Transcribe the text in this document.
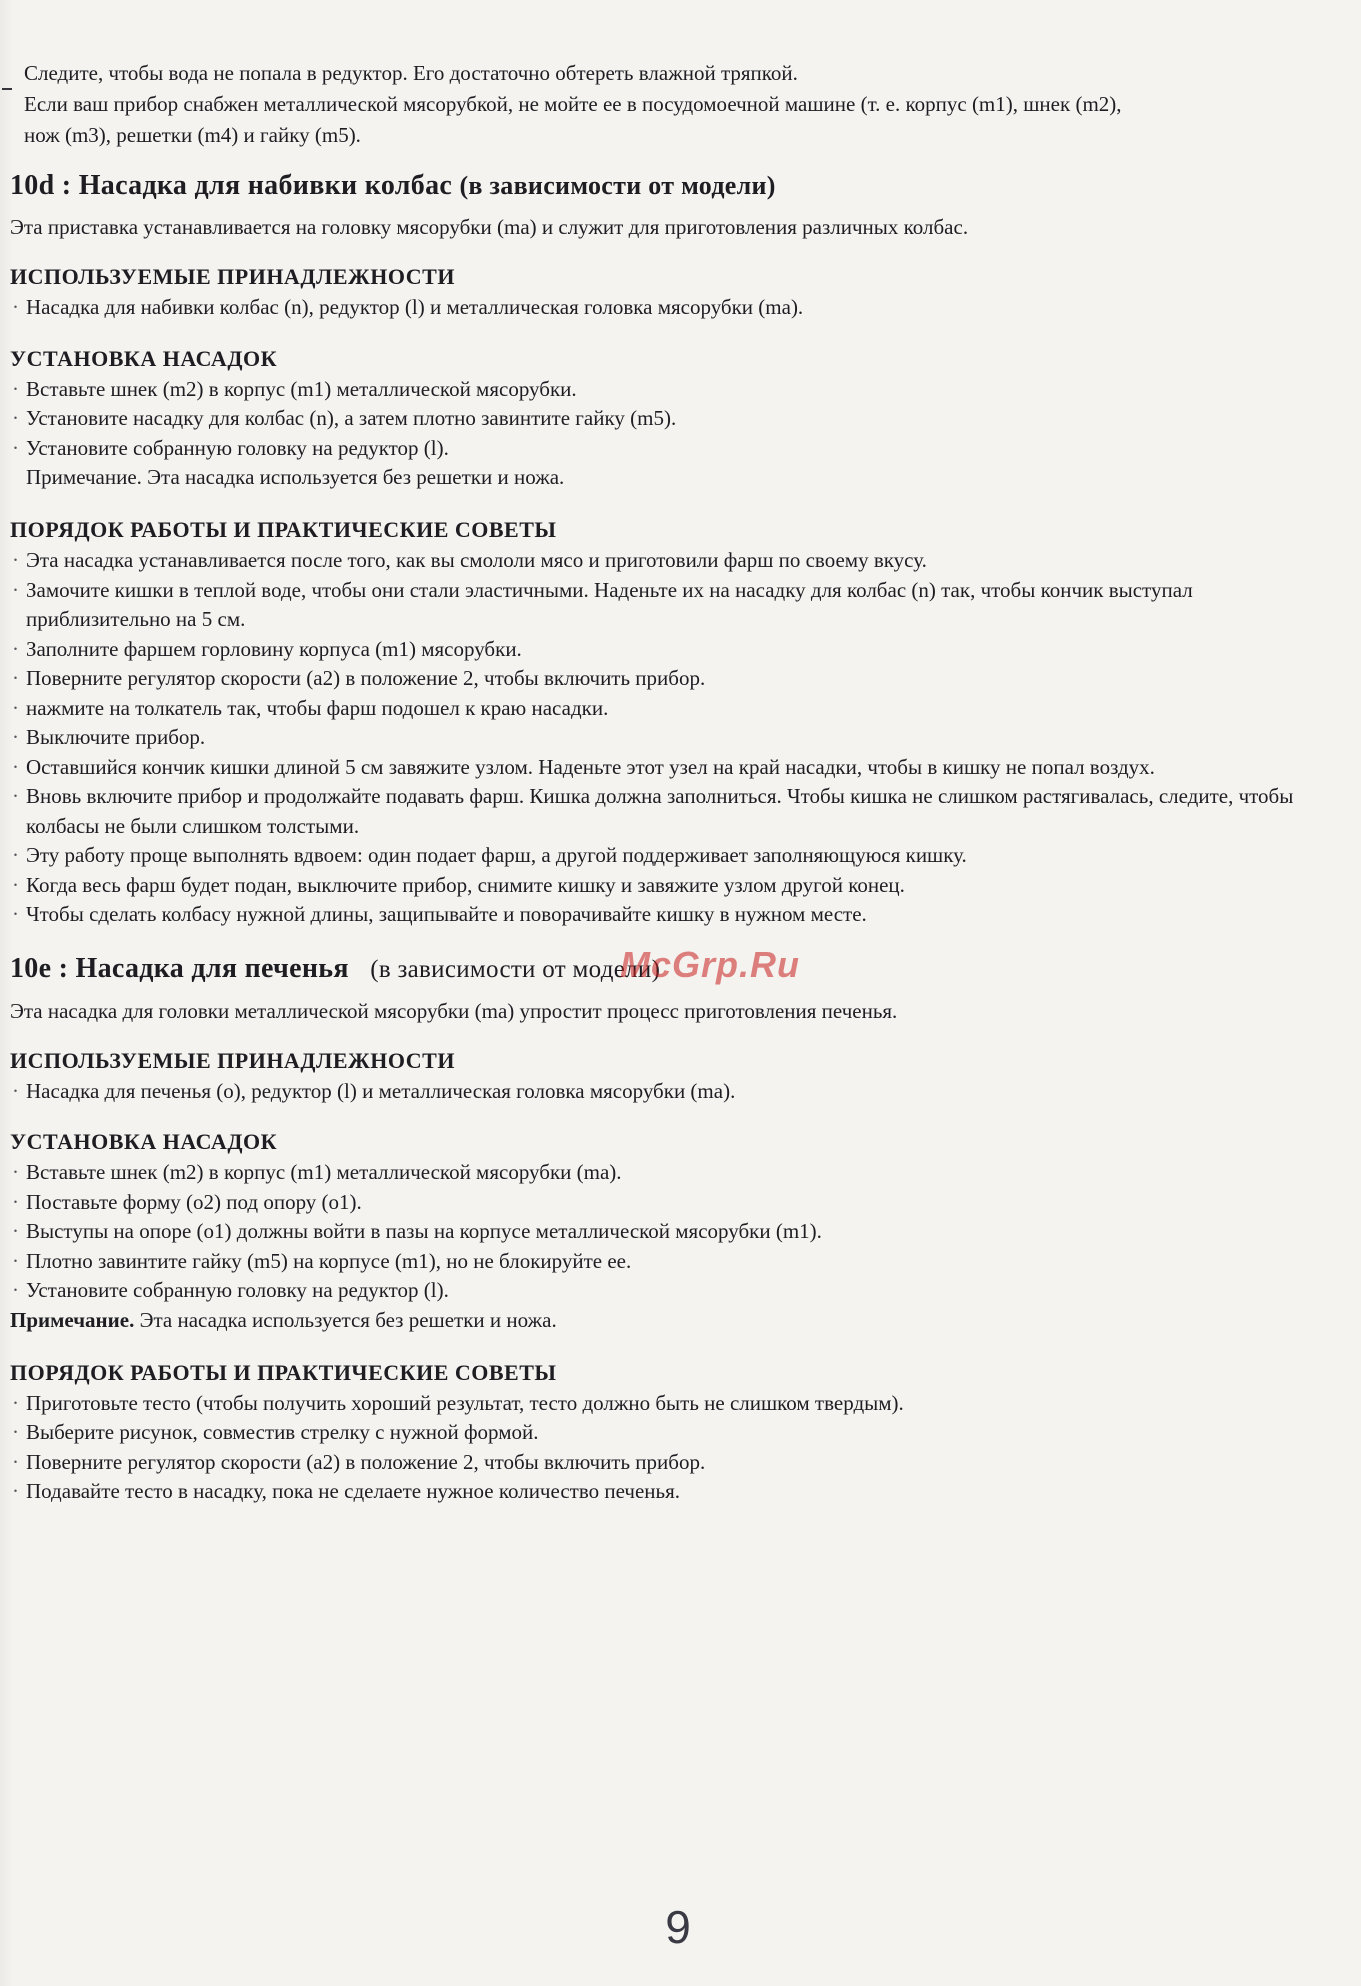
Следите, чтобы вода не попала в редуктор. Его достаточно обтереть влажной тряпкой.

Если ваш прибор снабжен металлической мясорубкой, не мойте ее в посудомоечной машине (т. е. корпус (m1), шнек (m2),

нож (m3), решетки (m4) и гайку (m5).

10d : Насадка для набивки колбас (в зависимости от модели)

Эта приставка устанавливается на головку мясорубки (ma) и служит для приготовления различных колбас.

ИСПОЛЬЗУЕМЫЕ ПРИНАДЛЕЖНОСТИ
· Насадка для набивки колбас (n), редуктор (l) и металлическая головка мясорубки (ma).
УСТАНОВКА НАСАДОК
· Вставьте шнек (m2) в корпус (m1) металлической мясорубки.
· Установите насадку для колбас (n), а затем плотно завинтите гайку (m5).
· Установите собранную головку на редуктор (l).

Примечание. Эта насадка используется без решетки и ножа.

ПОРЯДОК РАБОТЫ И ПРАКТИЧЕСКИЕ СОВЕТЫ
· Эта насадка устанавливается после того, как вы смололи мясо и приготовили фарш по своему вкусу.
· Замочите кишки в теплой воде, чтобы они стали эластичными. Наденьте их на насадку для колбас (n) так, чтобы кончик выступал приблизительно на 5 см.
· Заполните фаршем горловину корпуса (m1) мясорубки.
· Поверните регулятор скорости (a2) в положение 2, чтобы включить прибор.
· нажмите на толкатель так, чтобы фарш подошел к краю насадки.
· Выключите прибор.
· Оставшийся кончик кишки длиной 5 см завяжите узлом. Наденьте этот узел на край насадки, чтобы в кишку не попал воздух.
· Вновь включите прибор и продолжайте подавать фарш. Кишка должна заполниться. Чтобы кишка не слишком растягивалась, следите, чтобы колбасы не были слишком толстыми.
· Эту работу проще выполнять вдвоем: один подает фарш, а другой поддерживает заполняющуюся кишку.
· Когда весь фарш будет подан, выключите прибор, снимите кишку и завяжите узлом другой конец.
· Чтобы сделать колбасу нужной длины, защипывайте и поворачивайте кишку в нужном месте.
10e : Насадка для печенья (в зависимости от модели)

Эта насадка для головки металлической мясорубки (ma) упростит процесс приготовления печенья.

ИСПОЛЬЗУЕМЫЕ ПРИНАДЛЕЖНОСТИ
· Насадка для печенья (o), редуктор (l) и металлическая головка мясорубки (ma).
УСТАНОВКА НАСАДОК
· Вставьте шнек (m2) в корпус (m1) металлической мясорубки (ma).
· Поставьте форму (o2) под опору (o1).
· Выступы на опоре (o1) должны войти в пазы на корпусе металлической мясорубки (m1).
· Плотно завинтите гайку (m5) на корпусе (m1), но не блокируйте ее.
· Установите собранную головку на редуктор (l).

Примечание. Эта насадка используется без решетки и ножа.

ПОРЯДОК РАБОТЫ И ПРАКТИЧЕСКИЕ СОВЕТЫ
· Приготовьте тесто (чтобы получить хороший результат, тесто должно быть не слишком твердым).
· Выберите рисунок, совместив стрелку с нужной формой.
· Поверните регулятор скорости (a2) в положение 2, чтобы включить прибор.
· Подавайте тесто в насадку, пока не сделаете нужное количество печенья.
McGrp.Ru
9
